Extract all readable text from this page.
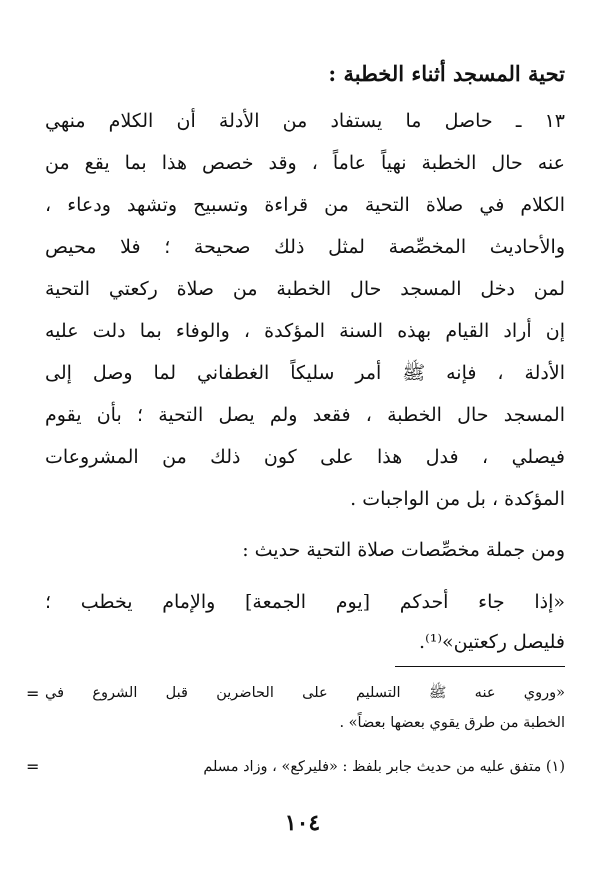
تحية المسجد أثناء الخطبة :
١٣ ـ حاصل ما يستفاد من الأدلة أن الكلام منهي
عنه حال الخطبة نهياً عاماً ، وقد خصص هذا بما يقع من
الكلام في صلاة التحية من قراءة وتسبيح وتشهد ودعاء ،
والأحاديث المخصِّصة لمثل ذلك صحيحة ؛ فلا محيص
لمن دخل المسجد حال الخطبة من صلاة ركعتي التحية
إن أراد القيام بهذه السنة المؤكدة ، والوفاء بما دلت عليه
الأدلة ، فإنه ﷺ أمر سليكاً الغطفاني لما وصل إلى
المسجد حال الخطبة ، فقعد ولم يصل التحية ؛ بأن يقوم
فيصلي ، فدل هذا على كون ذلك من المشروعات
المؤكدة ، بل من الواجبات .
ومن جملة مخصِّصات صلاة التحية حديث :
«إذا جاء أحدكم [يوم الجمعة] والإمام يخطب ؛
فليصل ركعتين»⁽¹⁾.
«وروي عنه ﷺ التسليم على الحاضرين قبل الشروع في
الخطبة من طرق يقوي بعضها بعضاً» .
(١) متفق عليه من حديث جابر بلفظ : «فليركع» ، وزاد مسلم
١٠٤
=
=
